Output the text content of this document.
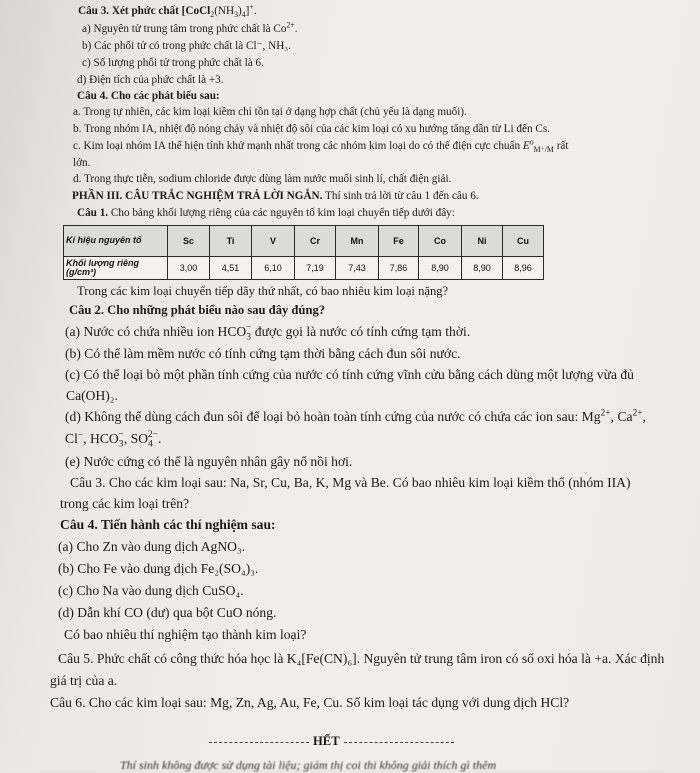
Câu 3. Xét phức chất $[CoCl_2(NH_3)_4]^+$.
a) Nguyên tử trung tâm trong phức chất là $Co^{2+}$.
b) Các phối tử có trong phức chất là Cl⁻, NH₃.
c) Số lượng phối tử trong phức chất là 6.
d) Điện tích của phức chất là +3.
Câu 4. Cho các phát biểu sau:
a. Trong tự nhiên, các kim loại kiềm chỉ tồn tại ở dạng hợp chất (chủ yếu là dạng muối).
b. Trong nhóm IA, nhiệt độ nóng chảy và nhiệt độ sôi của các kim loại có xu hướng tăng dần từ Li đến Cs.
c. Kim loại nhóm IA thể hiện tính khử mạnh nhất trong các nhóm kim loại do có thế điện cực chuẩn $E^o_{M^+/M}$ rất
lớn.
d. Trong thực tiễn, sodium chloride được dùng làm nước muối sinh lí, chất điện giải.
PHẦN III. CÂU TRẮC NGHIỆM TRẢ LỜI NGẮN. Thí sinh trả lời từ câu 1 đến câu 6.
Câu 1. Cho bảng khối lượng riêng của các nguyên tố kim loại chuyển tiếp dưới đây:
Kí hiệu nguyên tố	Sc	Ti	V	Cr	Mn	Fe	Co	Ni	Cu
Khối lượng riêng (g/cm³)	3,00	4,51	6,10	7,19	7,43	7,86	8,90	8,90	8,96
Trong các kim loại chuyển tiếp dãy thứ nhất, có bao nhiêu kim loại nặng?
Câu 2. Cho những phát biểu nào sau đây đúng?
(a) Nước có chứa nhiều ion $HCO_3^-$ được gọi là nước có tính cứng tạm thời.
(b) Có thể làm mềm nước có tính cứng tạm thời bằng cách đun sôi nước.
(c) Có thể loại bỏ một phần tính cứng của nước có tính cứng vĩnh cửu bằng cách dùng một lượng vừa đủ
Ca(OH)₂.
(d) Không thể dùng cách đun sôi để loại bỏ hoàn toàn tính cứng của nước có chứa các ion sau: $Mg^{2+}$, $Ca^{2+}$,
Cl−, $HCO_3^-$, $SO_4^{2-}$.
(e) Nước cứng có thể là nguyên nhân gây nổ nồi hơi.
Câu 3. Cho các kim loại sau: Na, Sr, Cu, Ba, K, Mg và Be. Có bao nhiêu kim loại kiềm thổ (nhóm IIA)
trong các kim loại trên?
Câu 4. Tiến hành các thí nghiệm sau:
(a) Cho Zn vào dung dịch AgNO₃.
(b) Cho Fe vào dung dịch Fe₂(SO₄)₃.
(c) Cho Na vào dung dịch CuSO₄.
(d) Dẫn khí CO (dư) qua bột CuO nóng.
Có bao nhiêu thí nghiệm tạo thành kim loại?
Câu 5. Phức chất có công thức hóa học là K₄[Fe(CN)₆]. Nguyên tử trung tâm iron có số oxi hóa là +a. Xác định
giá trị của a.
Câu 6. Cho các kim loại sau: Mg, Zn, Ag, Au, Fe, Cu. Số kim loại tác dụng với dung dịch HCl?
HẾT
Thí sinh không được sử dụng tài liệu; giám thị coi thi không giải thích gì thêm
